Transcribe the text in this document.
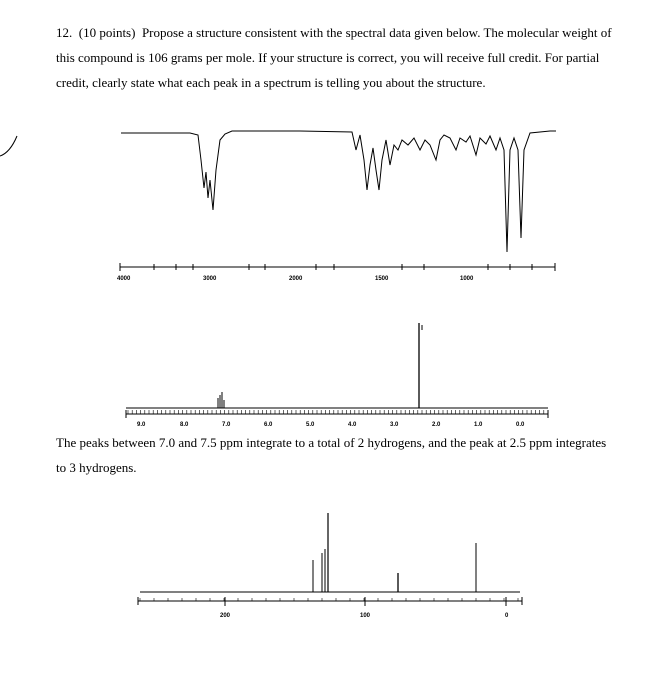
12. (10 points) Propose a structure consistent with the spectral data given below. The molecular weight of this compound is 106 grams per mole. If your structure is correct, you will receive full credit. For partial credit, clearly state what each peak in a spectrum is telling you about the structure.

4000	3000	2000	1500	1000
9.0	8.0	7.0	6.0	5.0	4.0	3.0	2.0	1.0	0.0
200	100	0

The peaks between 7.0 and 7.5 ppm integrate to a total of 2 hydrogens, and the peak at 2.5 ppm integrates to 3 hydrogens.
